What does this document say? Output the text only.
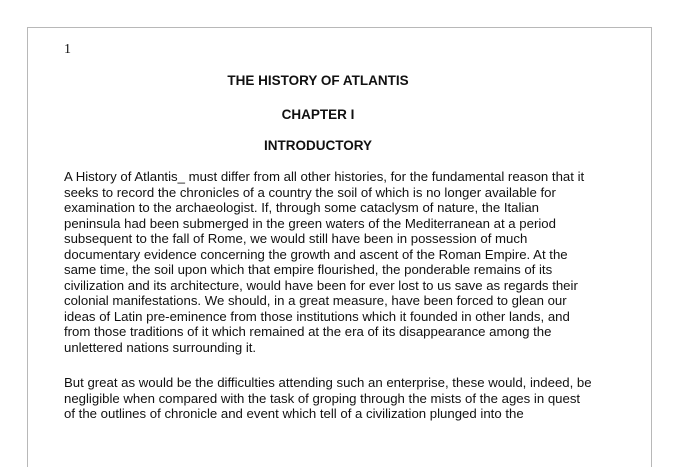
1
THE HISTORY OF ATLANTIS
CHAPTER I
INTRODUCTORY
A History of Atlantis_ must differ from all other histories, for the fundamental reason that it
seeks to record the chronicles of a country the soil of which is no longer available for
examination to the archaeologist. If, through some cataclysm of nature, the Italian
peninsula had been submerged in the green waters of the Mediterranean at a period
subsequent to the fall of Rome, we would still have been in possession of much
documentary evidence concerning the growth and ascent of the Roman Empire. At the
same time, the soil upon which that empire flourished, the ponderable remains of its
civilization and its architecture, would have been for ever lost to us save as regards their
colonial manifestations. We should, in a great measure, have been forced to glean our
ideas of Latin pre-eminence from those institutions which it founded in other lands, and
from those traditions of it which remained at the era of its disappearance among the
unlettered nations surrounding it.
But great as would be the difficulties attending such an enterprise, these would, indeed, be
negligible when compared with the task of groping through the mists of the ages in quest
of the outlines of chronicle and event which tell of a civilization plunged into the
